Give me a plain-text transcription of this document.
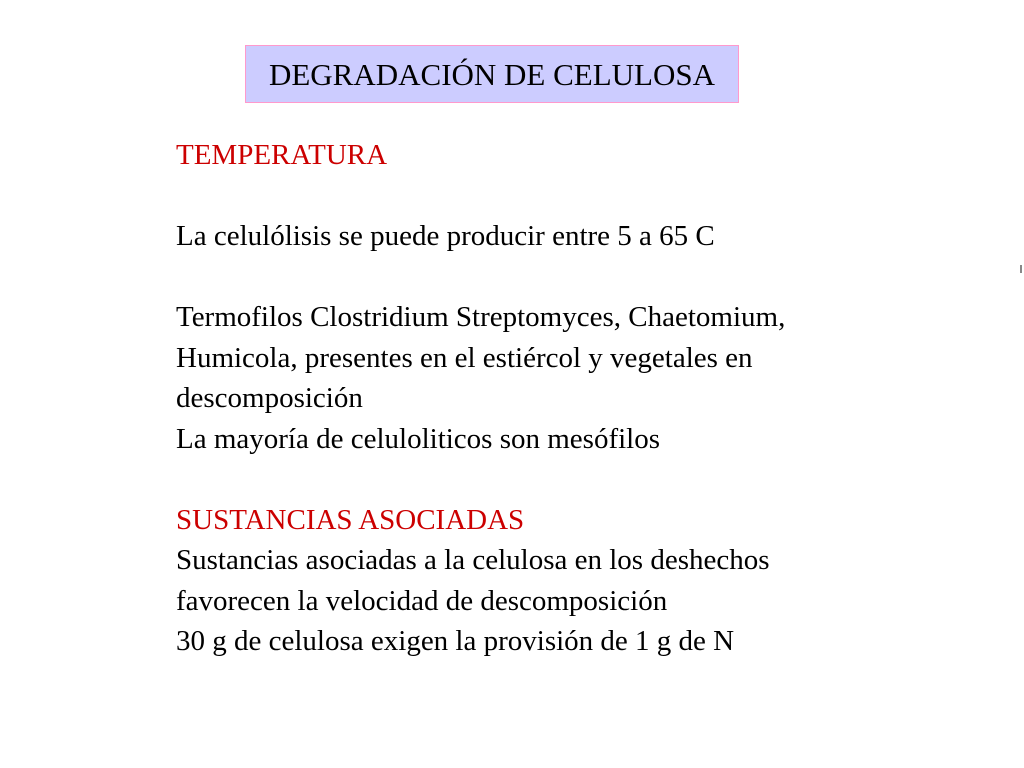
DEGRADACIÓN DE CELULOSA
TEMPERATURA
La celulólisis se puede producir entre 5 a 65 C
Termofilos Clostridium Streptomyces, Chaetomium,
Humicola, presentes en el estiércol y vegetales en
descomposición
La mayoría de celuloliticos son mesófilos
SUSTANCIAS ASOCIADAS
Sustancias asociadas a la celulosa en los deshechos
favorecen la velocidad de descomposición
30 g de celulosa exigen la provisión de 1 g de N
